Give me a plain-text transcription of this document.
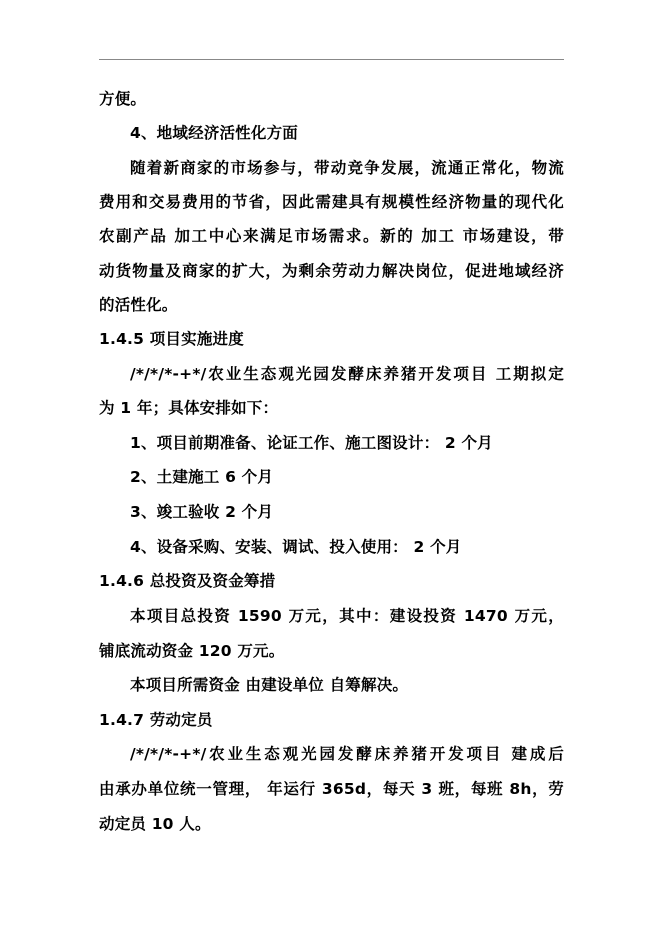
方便。
4、地域经济活性化方面
随着新商家的市场参与，带动竞争发展，流通正常化，物流
费用和交易费用的节省，因此需建具有规模性经济物量的现代化
农副产品 加工中心来满足市场需求。新的 加工 市场建设，带
动货物量及商家的扩大，为剩余劳动力解决岗位，促进地域经济
的活性化。
1.4.5 项目实施进度
/*/*/*-+*/农业生态观光园发酵床养猪开发项目 工期拟定
为 1 年；具体安排如下：
1、项目前期准备、论证工作、施工图设计： 2 个月
2、土建施工 6 个月
3、竣工验收 2 个月
4、设备采购、安装、调试、投入使用： 2 个月
1.4.6 总投资及资金筹措
本项目总投资 1590 万元，其中：建设投资 1470 万元，
铺底流动资金 120 万元。
本项目所需资金 由建设单位 自筹解决。
1.4.7 劳动定员
/*/*/*-+*/农业生态观光园发酵床养猪开发项目 建成后
由承办单位统一管理， 年运行 365d，每天 3 班，每班 8h，劳
动定员 10 人。
